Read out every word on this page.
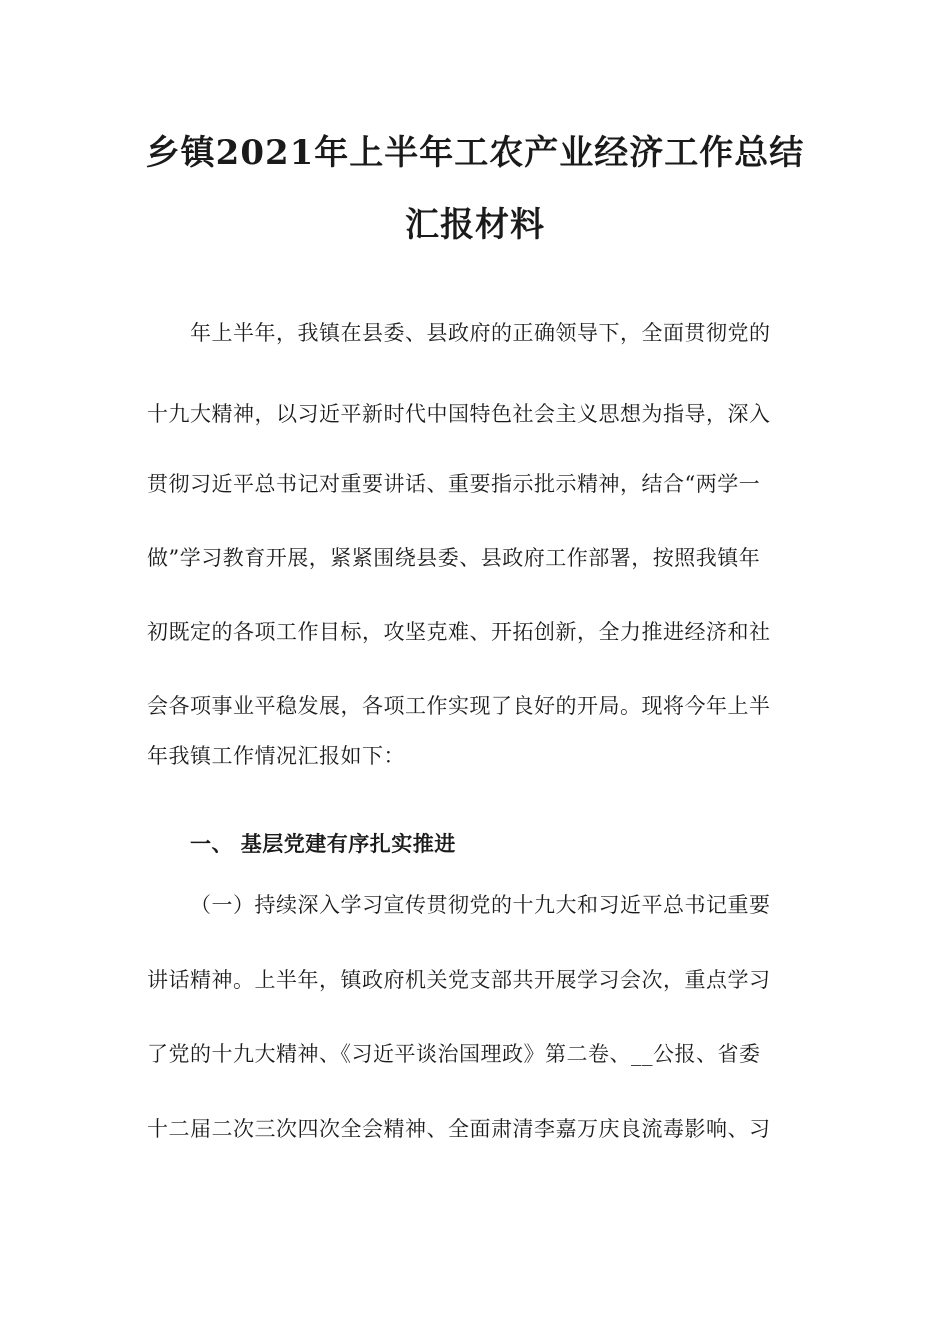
乡镇2021年上半年工农产业经济工作总结
汇报材料
年上半年，我镇在县委、县政府的正确领导下，全面贯彻党的
十九大精神，以习近平新时代中国特色社会主义思想为指导，深入
贯彻习近平总书记对重要讲话、重要指示批示精神，结合“两学一
做”学习教育开展，紧紧围绕县委、县政府工作部署，按照我镇年
初既定的各项工作目标，攻坚克难、开拓创新，全力推进经济和社
会各项事业平稳发展，各项工作实现了良好的开局。现将今年上半
年我镇工作情况汇报如下：
一、 基层党建有序扎实推进
（一）持续深入学习宣传贯彻党的十九大和习近平总书记重要
讲话精神。上半年，镇政府机关党支部共开展学习会次，重点学习
了党的十九大精神、《习近平谈治国理政》第二卷、__公报、省委
十二届二次三次四次全会精神、全面肃清李嘉万庆良流毒影响、习
